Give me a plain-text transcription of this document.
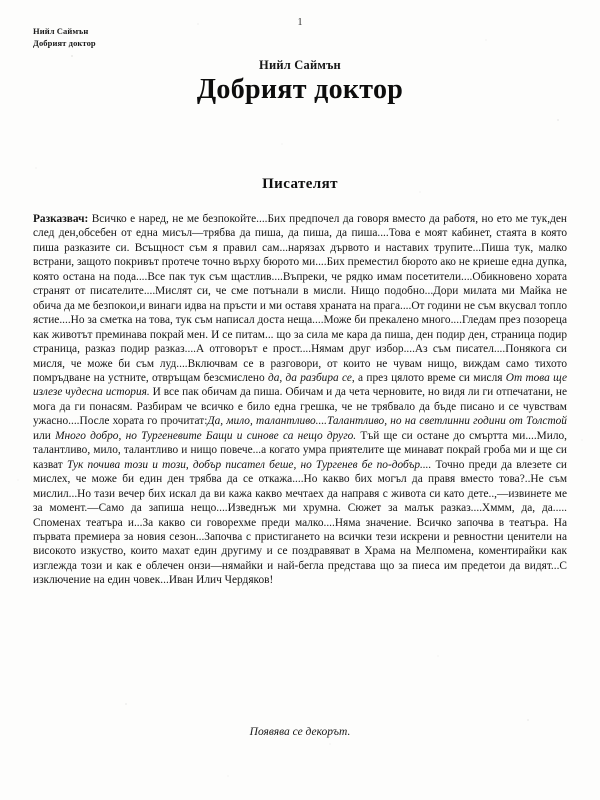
Нийл Саймън
Добрият доктор
1
Нийл Саймън
Добрият доктор
Писателят
Разказвач: Всичко е наред, не ме безпокойте....Бих предпочел да говоря вместо да работя, но ето ме тук,ден след ден,обсебен от една мисъл—трябва да пиша, да пиша, да пиша....Това е моят кабинет, стаята в която пиша разказите си. Всъщност съм я правил сам...нарязах дървото и наставих трупите...Пиша тук, малко встрани, защото покривът протече точно върху бюрото ми....Бих преместил бюрото ако не криеше една дупка, която остана на пода....Все пак тук съм щастлив....Въпреки, че рядко имам посетители....Обикновено хората странят от писателите....Мислят си, че сме потънали в мисли. Нищо подобно...Дори милата ми Майка не обича да ме безпокои,и винаги идва на пръсти и ми оставя храната на прага....От години не съм вкусвал топло ястие....Но за сметка на това, тук съм написал доста неща....Може би прекалено много....Гледам през позореца как животът преминава покрай мен. И се питам... що за сила ме кара да пиша, ден подир ден, страница подир страница, разказ подир разказ....А отговорът е прост....Нямам друг избор....Аз съм писател....Понякога си мисля, че може би съм луд....Включвам се в разговори, от които не чувам нищо, виждам само тихото помръдване на устните, отвръщам безсмислено да, да разбира се, а през цялото време си мисля От това ще излезе чудесна история. И все пак обичам да пиша. Обичам и да чета черновите, но видя ли ги отпечатани, не мога да ги понасям. Разбирам че всичко е било една грешка, че не трябвало да бъде писано и се чувствам ужасно....После хората го прочитат:Да, мило, талантливо....Талантливо, но на светлинни години от Толстой или Много добро, но Тургеневите Бащи и синове са нещо друго. Тъй ще си остане до смъртта ми....Мило, талантливо, мило, талантливо и нищо повече...а когато умра приятелите ще минават покрай гроба ми и ще си казват Тук почива този и този, добър писател беше, но Тургенев бе по-добър.... Точно преди да влезете си мислех, че може би един ден трябва да се откажа....Но какво бих могъл да правя вместо това?..Не съм мислил...Но тази вечер бих искал да ви кажа какво мечтаех да направя с живота си като дете..,—извинете ме за момент.—Само да запиша нещо....Изведнъж ми хрумна. Сюжет за малък разказ....Хммм, да, да..... Споменах театъра и...За какво си говорехме преди малко....Няма значение. Всичко започва в театъра. На първата премиера за новия сезон...Започва с пристигането на всички тези искрени и ревностни ценители на високото изкуство, които махат един другиму и се поздравяват в Храма на Мелпомена, коментирайки как изглежда този и как е облечен онзи—нямайки и най-бегла представа що за пиеса им предетои да видят...С изключение на един човек...Иван Илич Чердяков!
Появява се декорът.
